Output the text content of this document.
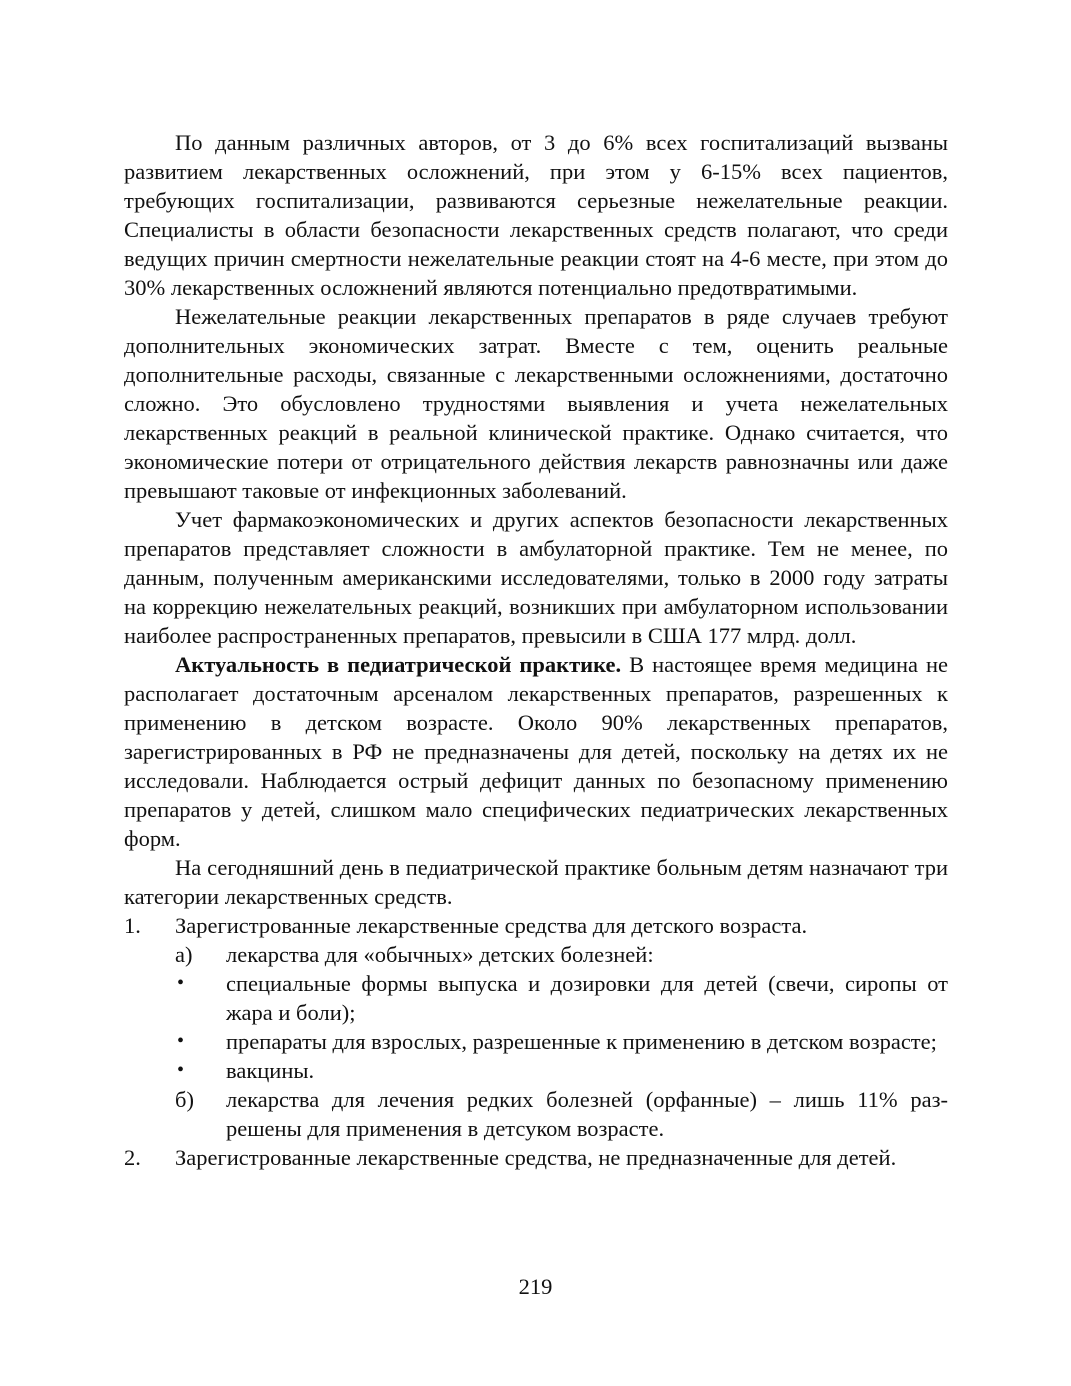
По данным различных авторов, от 3 до 6% всех госпитализаций вызваны развитием лекарственных осложнений, при этом у 6-15% всех пациентов, требующих госпитализации, развиваются серьезные нежелательные реакции. Специалисты в области безопасности лекарственных средств полагают, что среди ведущих причин смертности нежелательные реакции стоят на 4-6 месте, при этом до 30% лекарственных осложнений являются потенциально предотвратимыми.

Нежелательные реакции лекарственных препаратов в ряде случаев требуют дополнительных экономических затрат. Вместе с тем, оценить реальные дополнительные расходы, связанные с лекарственными осложнениями, достаточно сложно. Это обусловлено трудностями выявления и учета нежелательных лекарственных реакций в реальной клинической практике. Однако считается, что экономические потери от отрицательного действия лекарств равнозначны или даже превышают таковые от инфекционных заболеваний.

Учет фармакоэкономических и других аспектов безопасности лекарственных препаратов представляет сложности в амбулаторной практике. Тем не менее, по данным, полученным американскими исследователями, только в 2000 году затраты на коррекцию нежелательных реакций, возникших при амбулаторном использовании наиболее распространенных препаратов, превысили в США 177 млрд. долл.

Актуальность в педиатрической практике. В настоящее время медицина не располагает достаточным арсеналом лекарственных препаратов, разрешенных к применению в детском возрасте. Около 90% лекарственных препаратов, зарегистрированных в РФ не предназначены для детей, поскольку на детях их не исследовали. Наблюдается острый дефицит данных по безопасному применению препаратов у детей, слишком мало специфических педиатрических лекарственных форм.

На сегодняшний день в педиатрической практике больным детям назначают три категории лекарственных средств.

1. Зарегистрованные лекарственные средства для детского возраста.
а) лекарства для «обычных» детских болезней:
• специальные формы выпуска и дозировки для детей (свечи, сиропы от жара и боли);
• препараты для взрослых, разрешенные к применению в детском возрасте;
• вакцины.
б) лекарства для лечения редких болезней (орфанные) – лишь 11% разрешены для применения в детсуком возрасте.
2. Зарегистрованные лекарственные средства, не предназначенные для детей.
219
